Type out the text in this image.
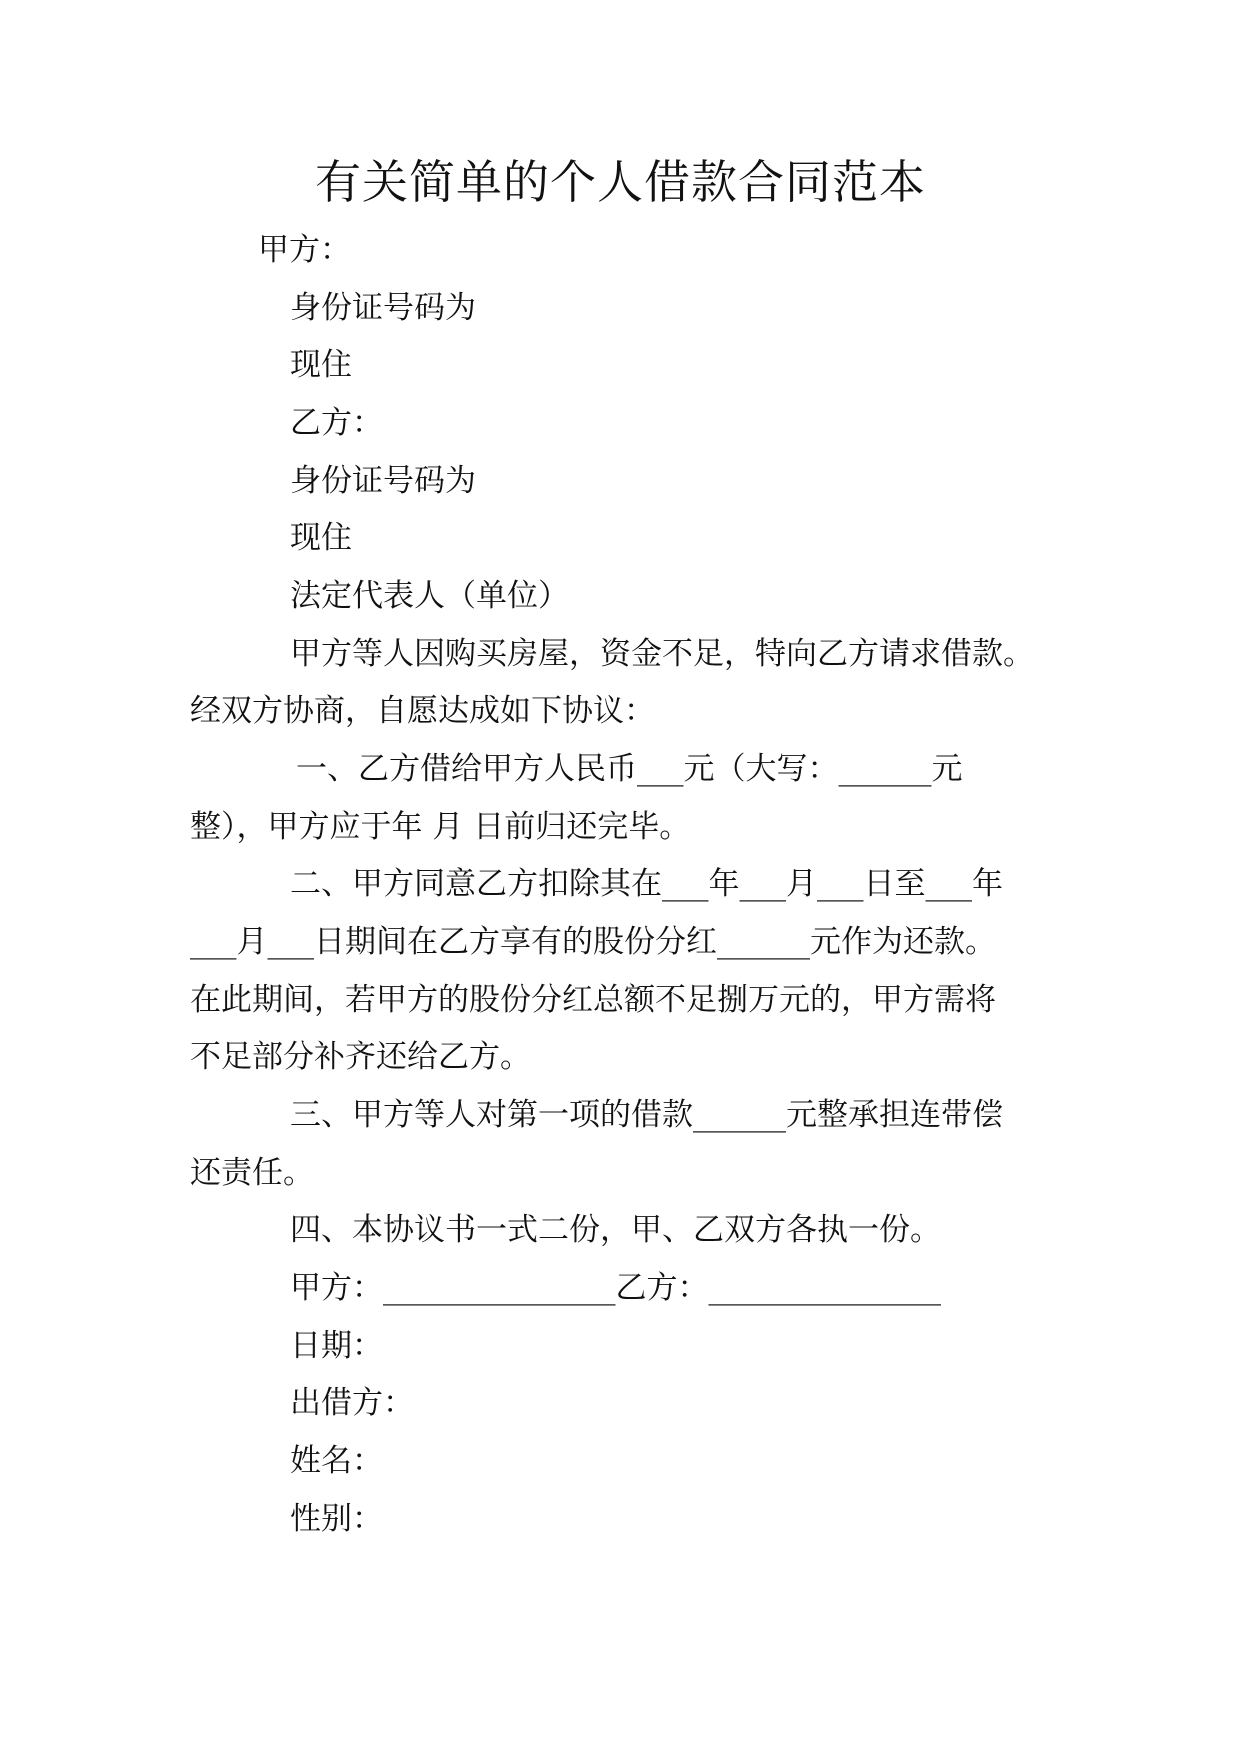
有关简单的个人借款合同范本

甲方：

身份证号码为

现住

乙方：

身份证号码为

现住

法定代表人（单位）

甲方等人因购买房屋，资金不足，特向乙方请求借款。

经双方协商，自愿达成如下协议：

一、乙方借给甲方人民币___元（大写：______元

整），甲方应于年 月 日前归还完毕。

二、甲方同意乙方扣除其在___年___月___日至___年

___月___日期间在乙方享有的股份分红______元作为还款。

在此期间，若甲方的股份分红总额不足捌万元的，甲方需将

不足部分补齐还给乙方。

三、甲方等人对第一项的借款______元整承担连带偿

还责任。

四、本协议书一式二份，甲、乙双方各执一份。

甲方：_______________乙方：_______________

日期：

出借方：

姓名：

性别：
